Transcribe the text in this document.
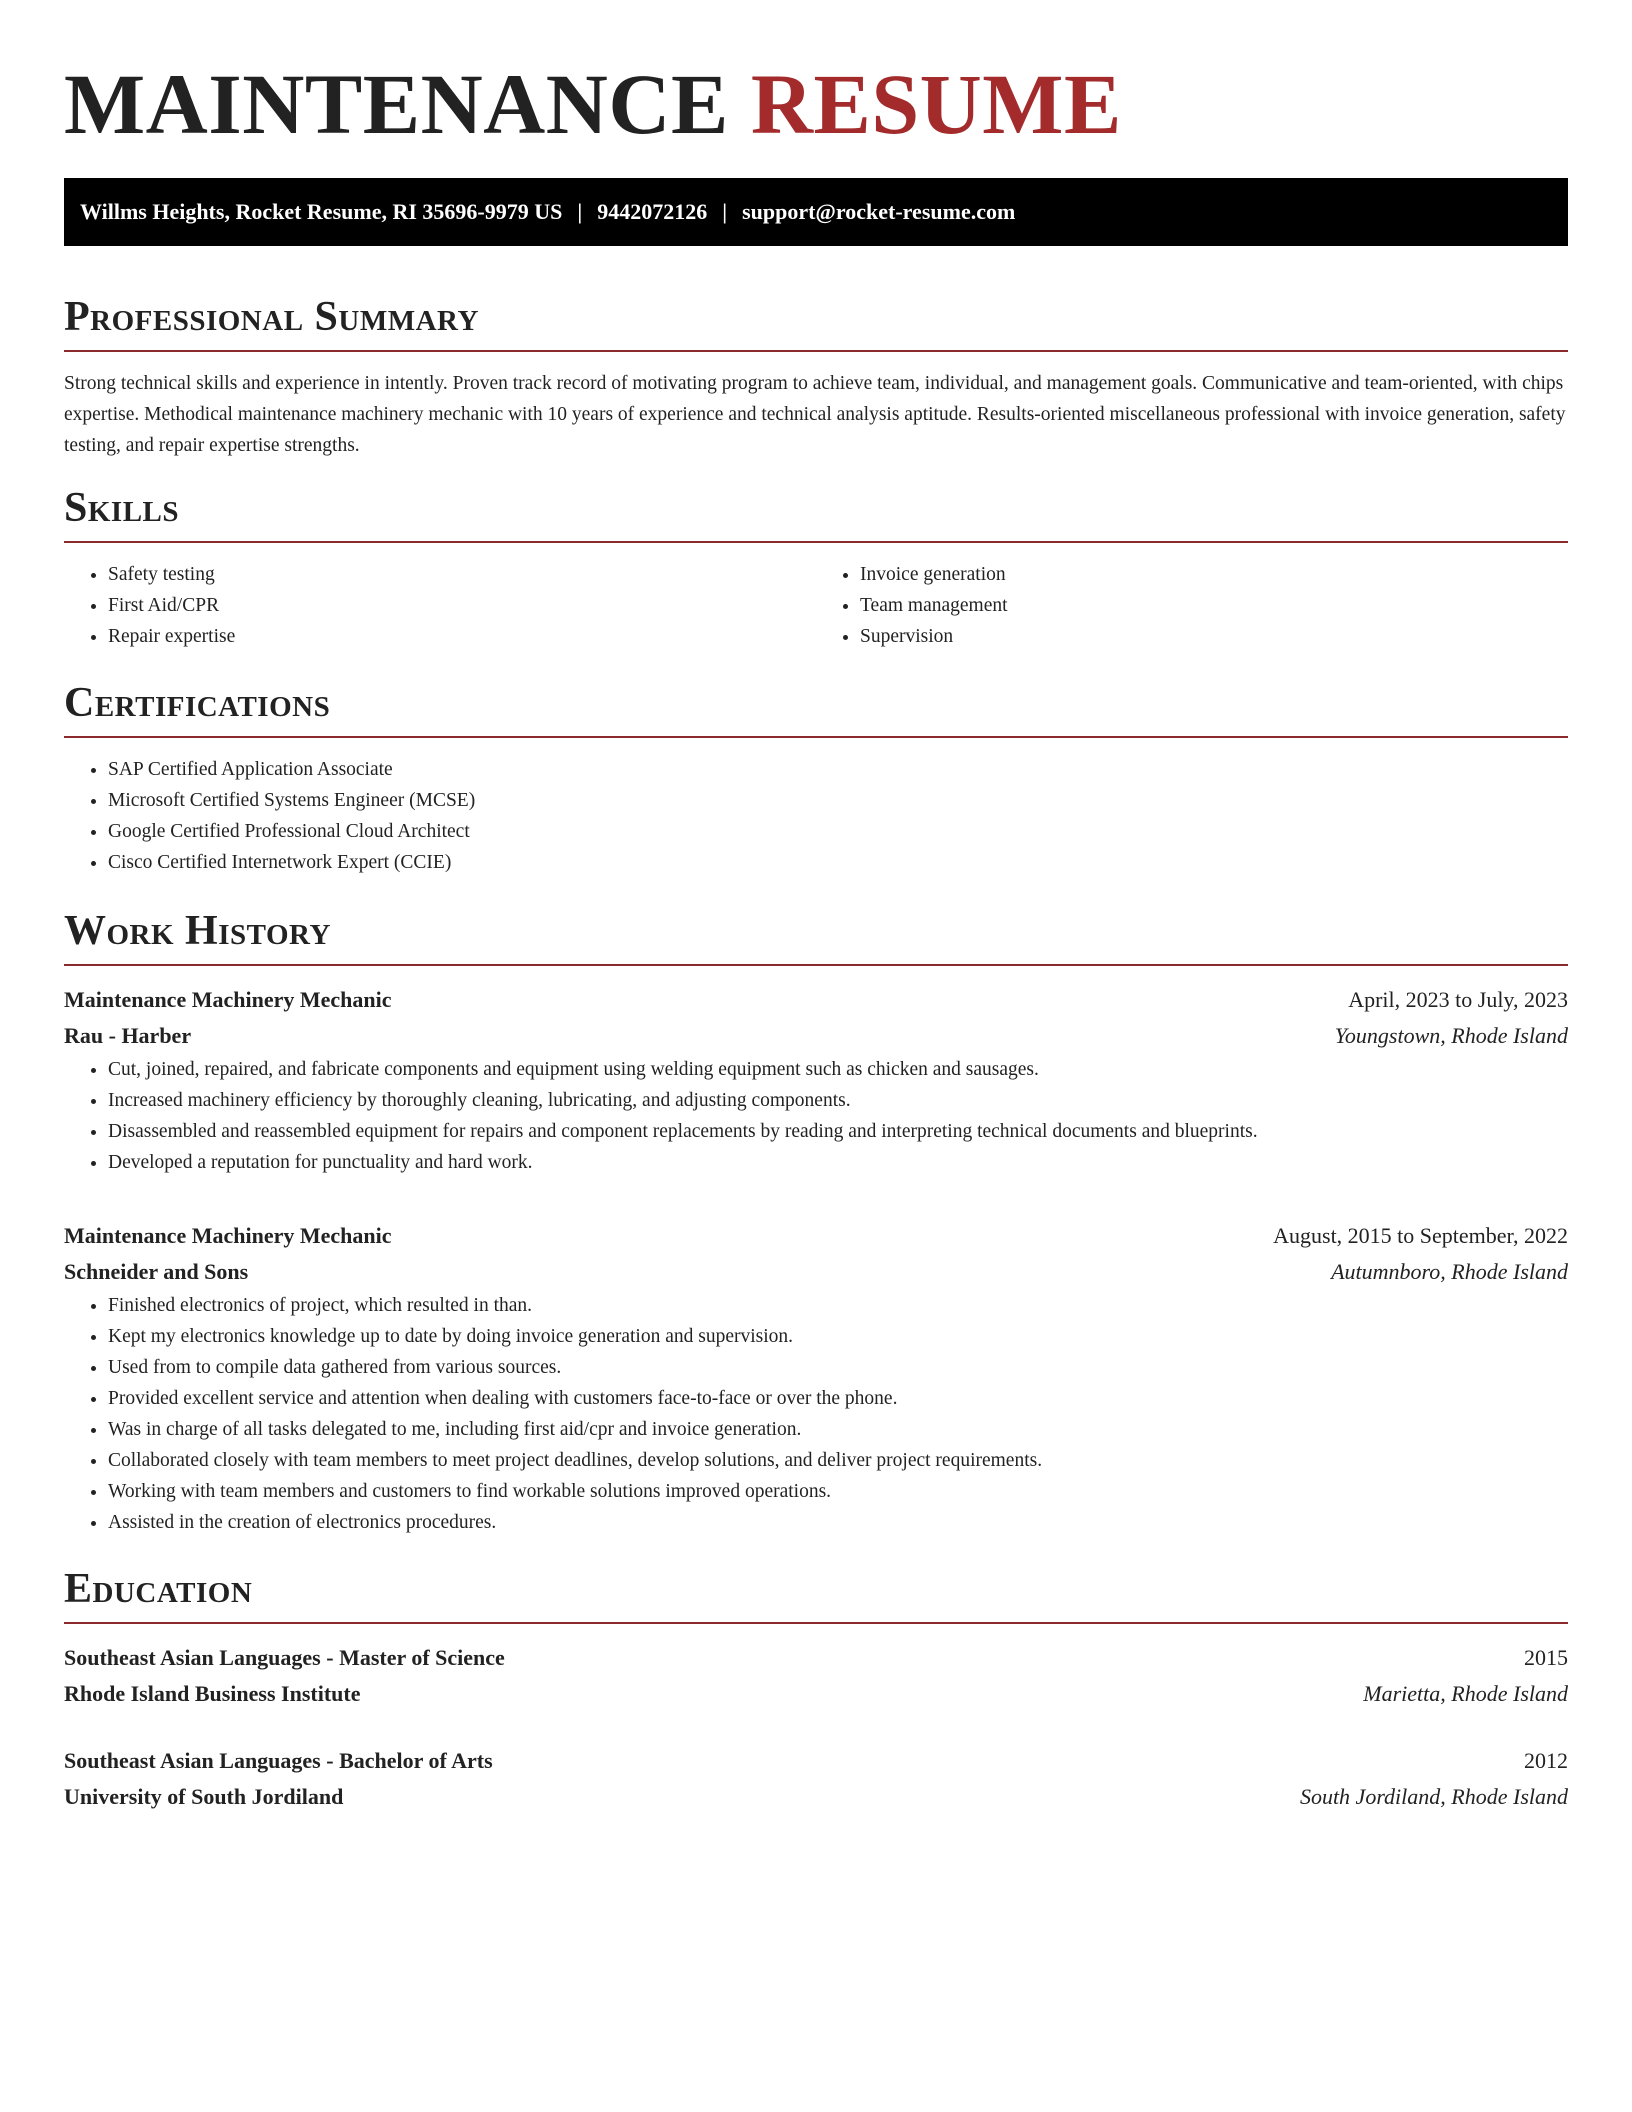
MAINTENANCE RESUME
Willms Heights, Rocket Resume, RI 35696-9979 US | 9442072126 | support@rocket-resume.com
Professional Summary

Strong technical skills and experience in intently. Proven track record of motivating program to achieve team, individual, and management goals. Communicative and team-oriented, with chips expertise. Methodical maintenance machinery mechanic with 10 years of experience and technical analysis aptitude. Results-oriented miscellaneous professional with invoice generation, safety testing, and repair expertise strengths.

Skills
• Safety testing
• First Aid/CPR
• Repair expertise
• Invoice generation
• Team management
• Supervision
Certifications
• SAP Certified Application Associate
• Microsoft Certified Systems Engineer (MCSE)
• Google Certified Professional Cloud Architect
• Cisco Certified Internetwork Expert (CCIE)
Work History
Maintenance Machinery Mechanic	April, 2023 to July, 2023
Rau - Harber	Youngstown, Rhode Island
• Cut, joined, repaired, and fabricate components and equipment using welding equipment such as chicken and sausages.
• Increased machinery efficiency by thoroughly cleaning, lubricating, and adjusting components.
• Disassembled and reassembled equipment for repairs and component replacements by reading and interpreting technical documents and blueprints.
• Developed a reputation for punctuality and hard work.
Maintenance Machinery Mechanic	August, 2015 to September, 2022
Schneider and Sons	Autumnboro, Rhode Island
• Finished electronics of project, which resulted in than.
• Kept my electronics knowledge up to date by doing invoice generation and supervision.
• Used from to compile data gathered from various sources.
• Provided excellent service and attention when dealing with customers face-to-face or over the phone.
• Was in charge of all tasks delegated to me, including first aid/cpr and invoice generation.
• Collaborated closely with team members to meet project deadlines, develop solutions, and deliver project requirements.
• Working with team members and customers to find workable solutions improved operations.
• Assisted in the creation of electronics procedures.
Education
Southeast Asian Languages - Master of Science	2015
Rhode Island Business Institute	Marietta, Rhode Island
Southeast Asian Languages - Bachelor of Arts	2012
University of South Jordiland	South Jordiland, Rhode Island
